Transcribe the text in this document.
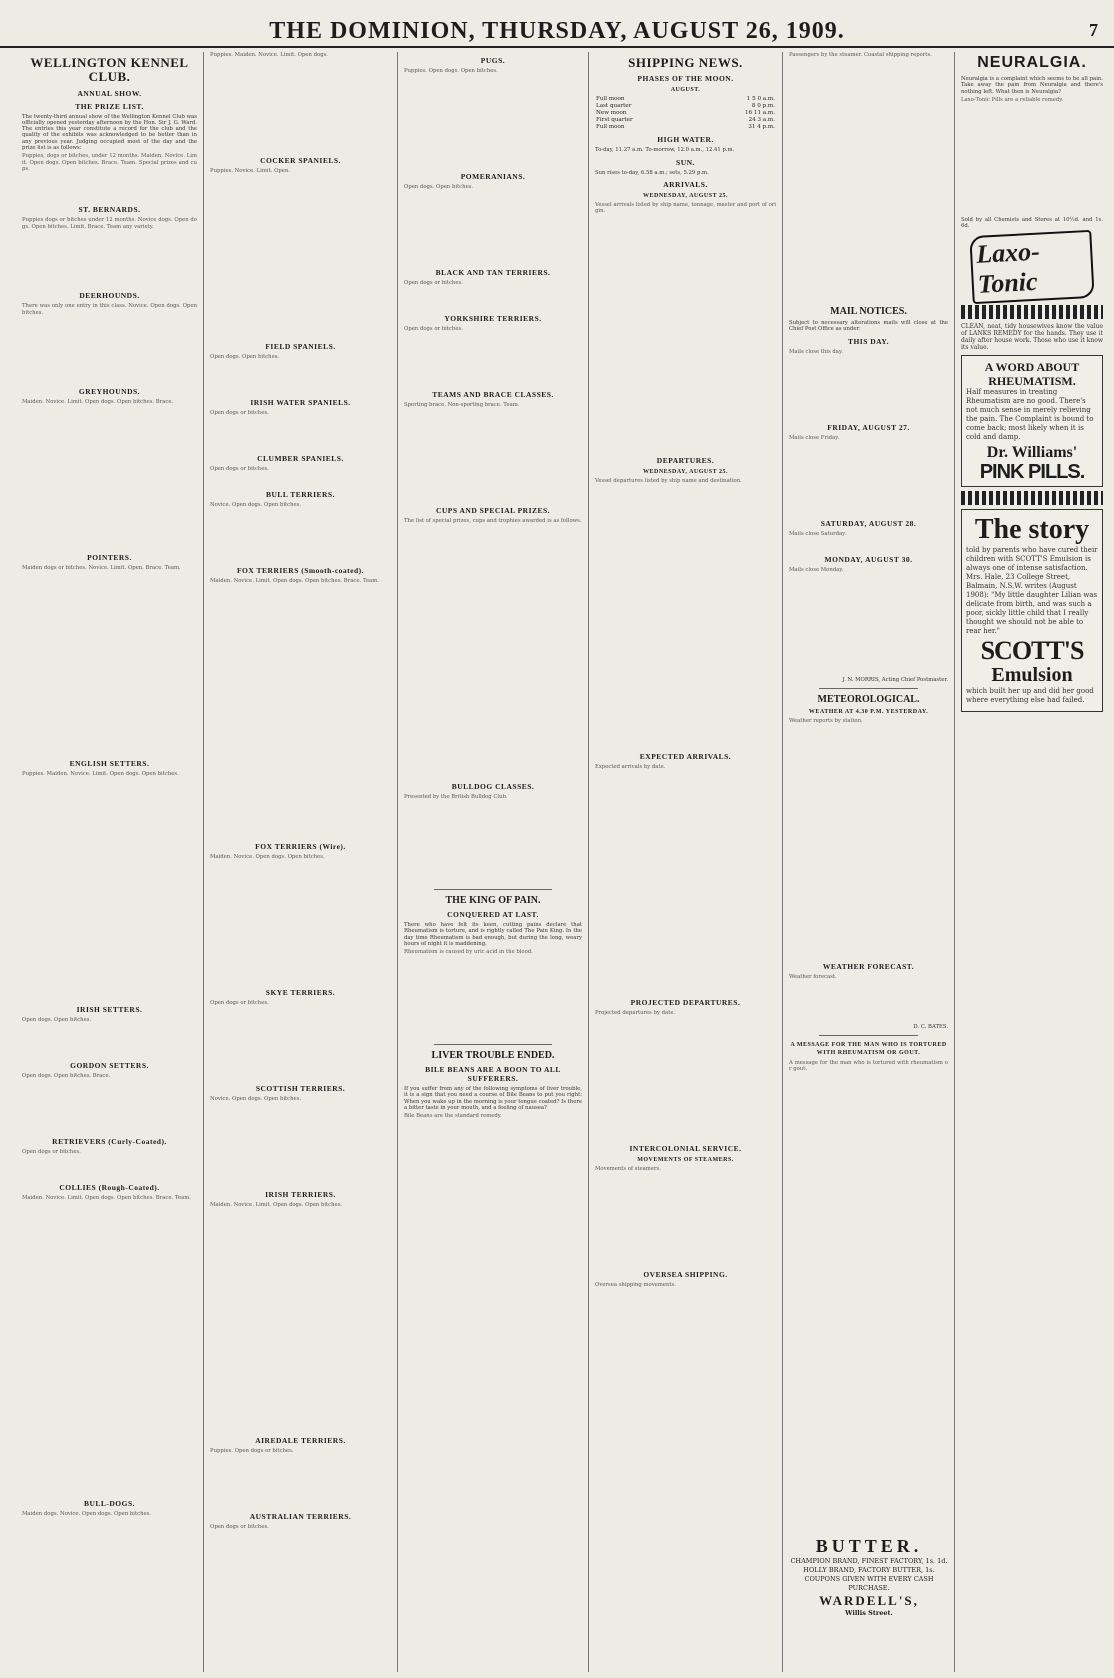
THE DOMINION, THURSDAY, AUGUST 26, 1909.	7
WELLINGTON KENNEL CLUB.
ANNUAL SHOW.
THE PRIZE LIST.

The twenty-third annual show of the Wellington Kennel Club was officially opened yesterday afternoon by the Hon. Sir J. G. Ward. The entries this year constitute a record for the club and the quality of the exhibits was acknowledged to be better than in any previous year. Judging occupied most of the day and the prize list is as follows:

Puppies, dogs or bitches, under 12 months. Maiden. Novice. Limit. Open dogs. Open bitches. Brace. Team. Special prizes and cups.
ST. BERNARDS.
Puppies dogs or bitches under 12 months. Novice dogs. Open dogs. Open bitches. Limit. Brace. Team any variety.
DEERHOUNDS.
There was only one entry in this class. Novice. Open dogs. Open bitches.
GREYHOUNDS.
Maiden. Novice. Limit. Open dogs. Open bitches. Brace.
POINTERS.
Maiden dogs or bitches. Novice. Limit. Open. Brace. Team.
ENGLISH SETTERS.
Puppies. Maiden. Novice. Limit. Open dogs. Open bitches.
IRISH SETTERS.
Open dogs. Open bitches.
GORDON SETTERS.
Open dogs. Open bitches. Brace.
RETRIEVERS (Curly-Coated).
Open dogs or bitches.
COLLIES (Rough-Coated).
Maiden. Novice. Limit. Open dogs. Open bitches. Brace. Team.
BULL-DOGS.
Maiden dogs. Novice. Open dogs. Open bitches.
Puppies. Maiden. Novice. Limit. Open dogs.
COCKER SPANIELS.
Puppies. Novice. Limit. Open.
FIELD SPANIELS.
Open dogs. Open bitches.
IRISH WATER SPANIELS.
Open dogs or bitches.
CLUMBER SPANIELS.
Open dogs or bitches.
BULL TERRIERS.
Novice. Open dogs. Open bitches.
FOX TERRIERS (Smooth-coated).
Maiden. Novice. Limit. Open dogs. Open bitches. Brace. Team.
FOX TERRIERS (Wire).
Maiden. Novice. Open dogs. Open bitches.
SKYE TERRIERS.
Open dogs or bitches.
SCOTTISH TERRIERS.
Novice. Open dogs. Open bitches.
IRISH TERRIERS.
Maiden. Novice. Limit. Open dogs. Open bitches.
AIREDALE TERRIERS.
Puppies. Open dogs or bitches.
AUSTRALIAN TERRIERS.
Open dogs or bitches.
PUGS.
Puppies. Open dogs. Open bitches.
POMERANIANS.
Open dogs. Open bitches.
BLACK AND TAN TERRIERS.
Open dogs or bitches.
YORKSHIRE TERRIERS.
Open dogs or bitches.
TEAMS AND BRACE CLASSES.
Sporting brace. Non-sporting brace. Team.
CUPS AND SPECIAL PRIZES.
The list of special prizes, cups and trophies awarded is as follows.
BULLDOG CLASSES.
Presented by the British Bulldog Club.
THE KING OF PAIN.
CONQUERED AT LAST.

There who have felt its keen, cutting pains declare that Rheumatism is torture, and is rightly called The Pain King. In the day time Rheumatism is bad enough, but during the long, weary hours of night it is maddening.

Rheumatism is caused by uric acid in the blood.
LIVER TROUBLE ENDED.
BILE BEANS ARE A BOON TO ALL SUFFERERS.

If you suffer from any of the following symptoms of liver trouble, it is a sign that you need a course of Bile Beans to put you right: When you wake up in the morning is your tongue coated? Is there a bitter taste in your mouth, and a feeling of nausea?

Bile Beans are the standard remedy.
SHIPPING NEWS.
PHASES OF THE MOON.
AUGUST.
Full moon	1 5 0 a.m.
Last quarter	8 0 p.m.
New moon	16 11 a.m.
First quarter	24 3 a.m.
Full moon	31 4 p.m.
HIGH WATER.

To-day, 11.27 a.m. To-morrow, 12.0 a.m., 12.41 p.m.

SUN.

Sun rises to-day, 6.58 a.m.; sets, 5.29 p.m.

ARRIVALS.
WEDNESDAY, AUGUST 25.
Vessel arrivals listed by ship name, tonnage, master and port of origin.
DEPARTURES.
WEDNESDAY, AUGUST 25.
Vessel departures listed by ship name and destination.
EXPECTED ARRIVALS.
Expected arrivals by date.
PROJECTED DEPARTURES.
Projected departures by date.
INTERCOLONIAL SERVICE.
MOVEMENTS OF STEAMERS.
Movements of steamers.
OVERSEA SHIPPING.
Oversea shipping movements.
Passengers by the steamer. Coastal shipping reports.
MAIL NOTICES.

Subject to necessary alterations mails will close at the Chief Post Office as under:

THIS DAY.
Mails close this day.
FRIDAY, AUGUST 27.
Mails close Friday.
SATURDAY, AUGUST 28.
Mails close Saturday.
MONDAY, AUGUST 30.
Mails close Monday.

J. N. MORRIS, Acting Chief Postmaster.

METEOROLOGICAL.
WEATHER AT 4.30 P.M. YESTERDAY.
Weather reports by station.
WEATHER FORECAST.
Weather forecast.

D. C. BATES.

A MESSAGE FOR THE MAN WHO IS TORTURED WITH RHEUMATISM OR GOUT.
A message for the man who is tortured with rheumatism or gout.
NEURALGIA.

Neuralgia is a complaint which seems to be all pain. Take away the pain from Neuralgia and there's nothing left. What then is Neuralgia?

Laxo-Tonic Pills are a reliable remedy.

Sold by all Chemists and Stores at 10½d. and 1s. 6d.

Laxo-Tonic

CLEAN, neat, tidy housewives know the value of LANKS REMEDY for the hands. They use it daily after house work. Those who use it know its value.

A WORD ABOUT RHEUMATISM.

Half measures in treating Rheumatism are no good. There's not much sense in merely relieving the pain. The Complaint is bound to come back; most likely when it is cold and damp.

Dr. Williams'
PINK PILLS.
The story

told by parents who have cured their children with SCOTT'S Emulsion is always one of intense satisfaction. Mrs. Hale, 23 College Street, Balmain, N.S.W. writes (August 1908): "My little daughter Lilian was delicate from birth, and was such a poor, sickly little child that I really thought we should not be able to rear her."

SCOTT'S
Emulsion

which built her up and did her good where everything else had failed.

BUTTER.
CHAMPION BRAND, FINEST FACTORY, 1s. 1d.
HOLLY BRAND, FACTORY BUTTER, 1s.
COUPONS GIVEN WITH EVERY CASH PURCHASE.
WARDELL'S,
Willis Street.
